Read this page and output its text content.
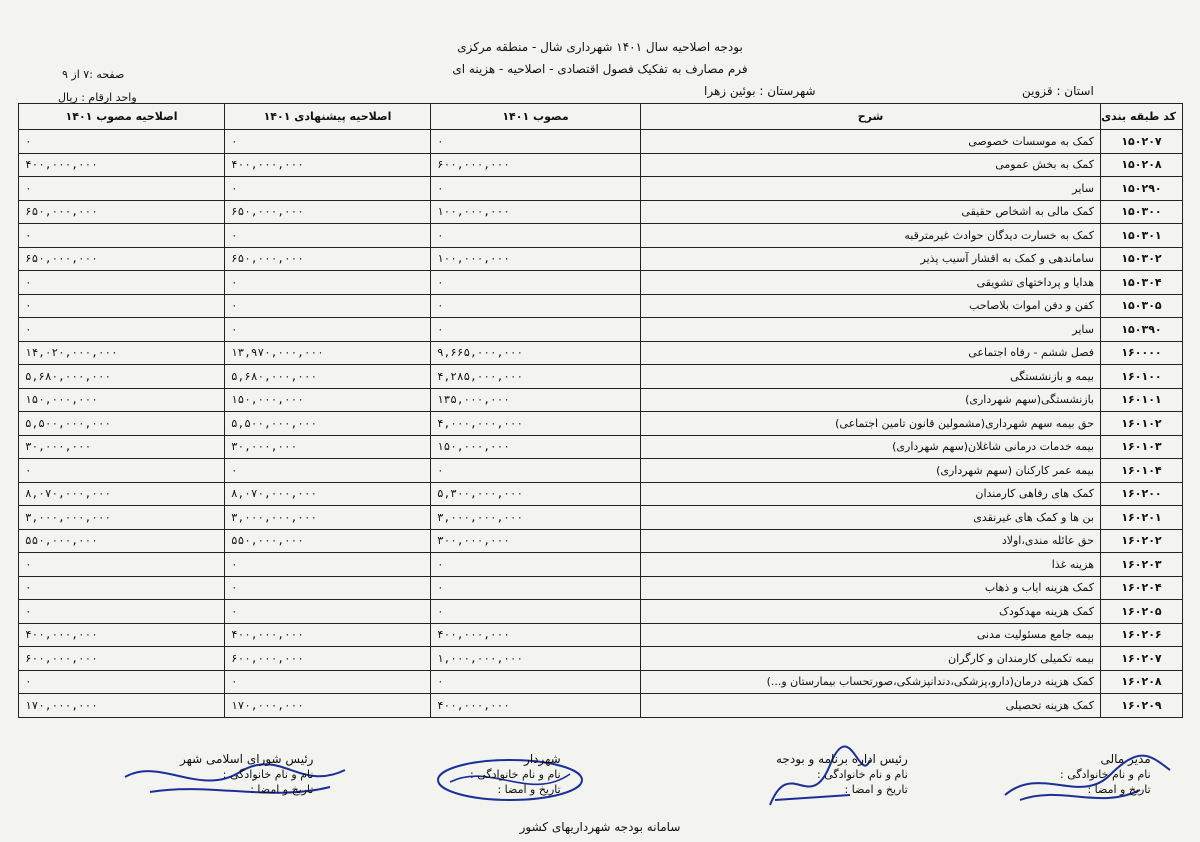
بودجه اصلاحیه سال ۱۴۰۱ شهرداری شال - منطقه مرکزی
فرم مصارف به تفکیک فصول اقتصادی - اصلاحیه - هزینه ای
صفحه :۷ از ۹
واحد ارقام : ریال	استان : قزوین
شهرستان : بوئین زهرا
کد طبقه بندی	شرح	مصوب ۱۴۰۱	اصلاحیه پیشنهادی ۱۴۰۱	اصلاحیه مصوب ۱۴۰۱
۱۵۰۲۰۷	کمک به موسسات خصوصی	۰	۰	۰
۱۵۰۲۰۸	کمک به بخش عمومی	۶۰۰,۰۰۰,۰۰۰	۴۰۰,۰۰۰,۰۰۰	۴۰۰,۰۰۰,۰۰۰
۱۵۰۲۹۰	سایر	۰	۰	۰
۱۵۰۳۰۰	کمک مالی به اشخاص حقیقی	۱۰۰,۰۰۰,۰۰۰	۶۵۰,۰۰۰,۰۰۰	۶۵۰,۰۰۰,۰۰۰
۱۵۰۳۰۱	کمک به خسارت دیدگان حوادث غیرمترقبه	۰	۰	۰
۱۵۰۳۰۲	ساماندهی و کمک به اقشار آسیب پذیر	۱۰۰,۰۰۰,۰۰۰	۶۵۰,۰۰۰,۰۰۰	۶۵۰,۰۰۰,۰۰۰
۱۵۰۳۰۴	هدایا و پرداختهای تشویقی	۰	۰	۰
۱۵۰۳۰۵	کفن و دفن اموات بلاصاحب	۰	۰	۰
۱۵۰۳۹۰	سایر	۰	۰	۰
۱۶۰۰۰۰	فصل ششم - رفاه اجتماعی	۹,۶۶۵,۰۰۰,۰۰۰	۱۳,۹۷۰,۰۰۰,۰۰۰	۱۴,۰۲۰,۰۰۰,۰۰۰
۱۶۰۱۰۰	بیمه و بازنشستگی	۴,۲۸۵,۰۰۰,۰۰۰	۵,۶۸۰,۰۰۰,۰۰۰	۵,۶۸۰,۰۰۰,۰۰۰
۱۶۰۱۰۱	بازنشستگی(سهم شهرداری)	۱۳۵,۰۰۰,۰۰۰	۱۵۰,۰۰۰,۰۰۰	۱۵۰,۰۰۰,۰۰۰
۱۶۰۱۰۲	حق بیمه سهم شهرداری(مشمولین قانون تامین اجتماعی)	۴,۰۰۰,۰۰۰,۰۰۰	۵,۵۰۰,۰۰۰,۰۰۰	۵,۵۰۰,۰۰۰,۰۰۰
۱۶۰۱۰۳	بیمه خدمات درمانی شاغلان(سهم شهرداری)	۱۵۰,۰۰۰,۰۰۰	۳۰,۰۰۰,۰۰۰	۳۰,۰۰۰,۰۰۰
۱۶۰۱۰۴	بیمه عمر کارکنان (سهم شهرداری)	۰	۰	۰
۱۶۰۲۰۰	کمک های رفاهی کارمندان	۵,۳۰۰,۰۰۰,۰۰۰	۸,۰۷۰,۰۰۰,۰۰۰	۸,۰۷۰,۰۰۰,۰۰۰
۱۶۰۲۰۱	بن ها و کمک های غیرنقدی	۳,۰۰۰,۰۰۰,۰۰۰	۳,۰۰۰,۰۰۰,۰۰۰	۳,۰۰۰,۰۰۰,۰۰۰
۱۶۰۲۰۲	حق عائله مندی،اولاد	۳۰۰,۰۰۰,۰۰۰	۵۵۰,۰۰۰,۰۰۰	۵۵۰,۰۰۰,۰۰۰
۱۶۰۲۰۳	هزینه غذا	۰	۰	۰
۱۶۰۲۰۴	کمک هزینه ایاب و ذهاب	۰	۰	۰
۱۶۰۲۰۵	کمک هزینه مهدکودک	۰	۰	۰
۱۶۰۲۰۶	بیمه جامع مسئولیت مدنی	۴۰۰,۰۰۰,۰۰۰	۴۰۰,۰۰۰,۰۰۰	۴۰۰,۰۰۰,۰۰۰
۱۶۰۲۰۷	بیمه تکمیلی کارمندان و کارگران	۱,۰۰۰,۰۰۰,۰۰۰	۶۰۰,۰۰۰,۰۰۰	۶۰۰,۰۰۰,۰۰۰
۱۶۰۲۰۸	کمک هزینه درمان(دارو،پزشکی،دندانپزشکی،صورتحساب بیمارستان و...)	۰	۰	۰
۱۶۰۲۰۹	کمک هزینه تحصیلی	۴۰۰,۰۰۰,۰۰۰	۱۷۰,۰۰۰,۰۰۰	۱۷۰,۰۰۰,۰۰۰
مدیر مالی
نام و نام خانوادگی :
تاریخ و امضا :
رئیس اداره برنامه و بودجه
نام و نام خانوادگی :
تاریخ و امضا :
شهردار
نام و نام خانوادگی :
تاریخ و امضا :
رئیس شورای اسلامی شهر
نام و نام خانوادگی :
تاریخ و امضا :
سامانه بودجه شهرداریهای کشور
